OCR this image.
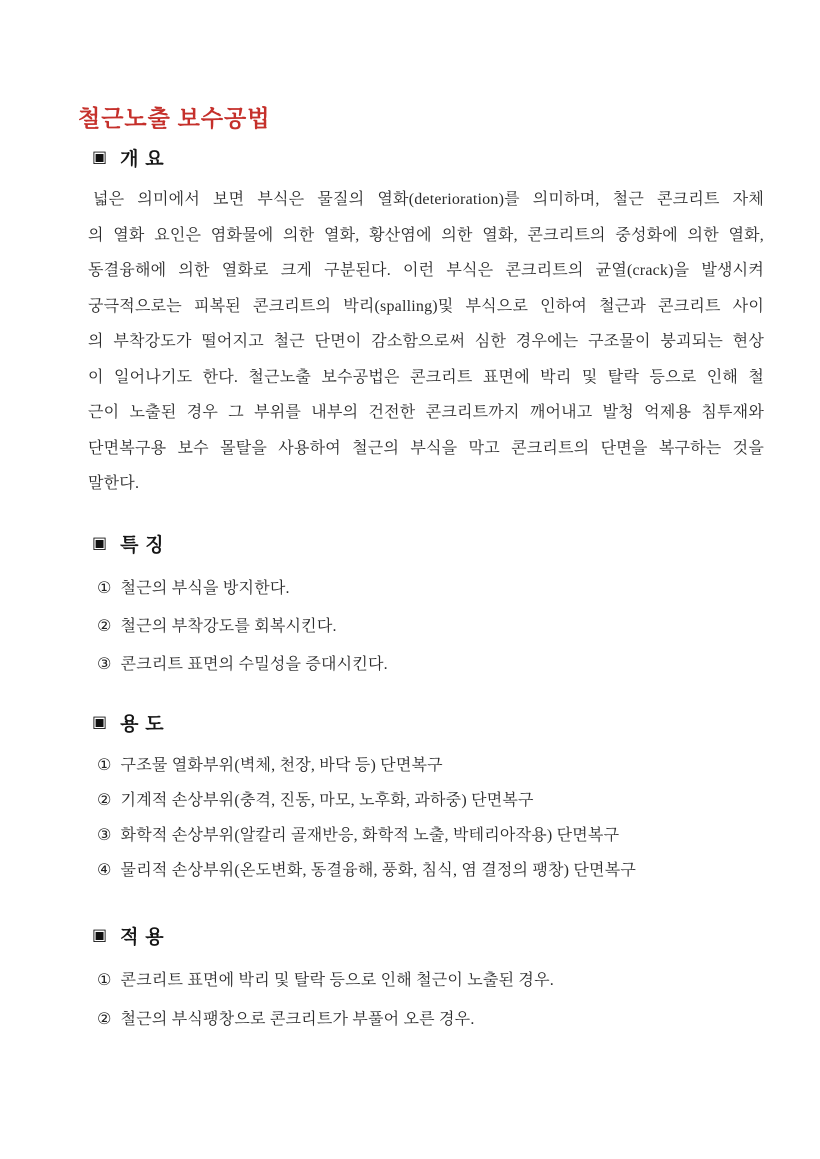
철근노출 보수공법
▣ 개 요
넓은 의미에서 보면 부식은 물질의 열화(deterioration)를 의미하며, 철근 콘크리트 자체
의 열화 요인은 염화물에 의한 열화, 황산염에 의한 열화, 콘크리트의 중성화에 의한 열화,
동결융해에 의한 열화로 크게 구분된다. 이런 부식은 콘크리트의 균열(crack)을 발생시켜
궁극적으로는 피복된 콘크리트의 박리(spalling)및 부식으로 인하여 철근과 콘크리트 사이
의 부착강도가 떨어지고 철근 단면이 감소함으로써 심한 경우에는 구조물이 붕괴되는 현상
이 일어나기도 한다. 철근노출 보수공법은 콘크리트 표면에 박리 및 탈락 등으로 인해 철
근이 노출된 경우 그 부위를 내부의 건전한 콘크리트까지 깨어내고 발청 억제용 침투재와
단면복구용 보수 몰탈을 사용하여 철근의 부식을 막고 콘크리트의 단면을 복구하는 것을
말한다.
▣ 특 징
① 철근의 부식을 방지한다.
② 철근의 부착강도를 회복시킨다.
③ 콘크리트 표면의 수밀성을 증대시킨다.
▣ 용 도
① 구조물 열화부위(벽체, 천장, 바닥 등) 단면복구
② 기계적 손상부위(충격, 진동, 마모, 노후화, 과하중) 단면복구
③ 화학적 손상부위(알칼리 골재반응, 화학적 노출, 박테리아작용) 단면복구
④ 물리적 손상부위(온도변화, 동결융해, 풍화, 침식, 염 결정의 팽창) 단면복구
▣ 적 용
① 콘크리트 표면에 박리 및 탈락 등으로 인해 철근이 노출된 경우.
② 철근의 부식팽창으로 콘크리트가 부풀어 오른 경우.
